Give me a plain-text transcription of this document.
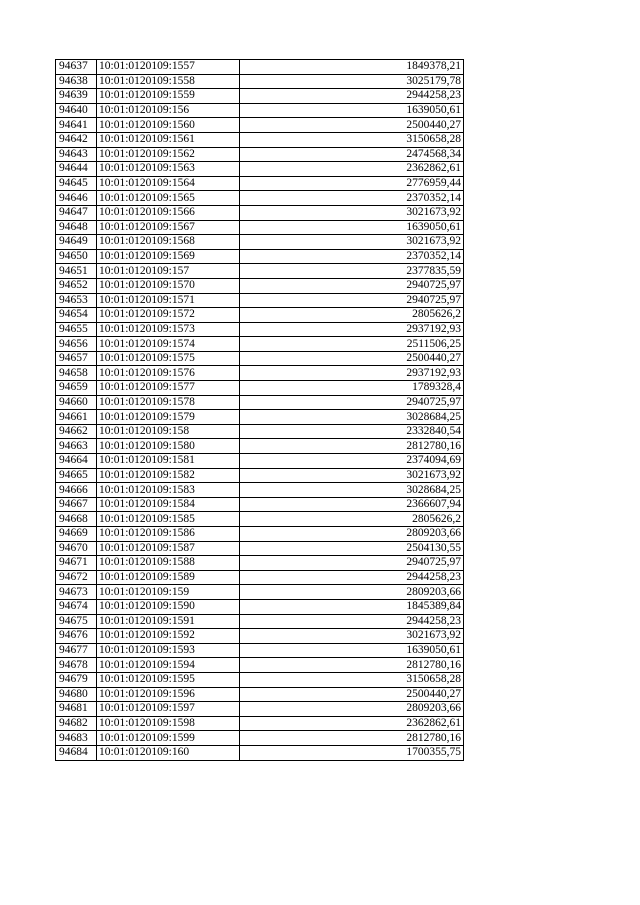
94637	10:01:0120109:1557	1849378,21
94638	10:01:0120109:1558	3025179,78
94639	10:01:0120109:1559	2944258,23
94640	10:01:0120109:156	1639050,61
94641	10:01:0120109:1560	2500440,27
94642	10:01:0120109:1561	3150658,28
94643	10:01:0120109:1562	2474568,34
94644	10:01:0120109:1563	2362862,61
94645	10:01:0120109:1564	2776959,44
94646	10:01:0120109:1565	2370352,14
94647	10:01:0120109:1566	3021673,92
94648	10:01:0120109:1567	1639050,61
94649	10:01:0120109:1568	3021673,92
94650	10:01:0120109:1569	2370352,14
94651	10:01:0120109:157	2377835,59
94652	10:01:0120109:1570	2940725,97
94653	10:01:0120109:1571	2940725,97
94654	10:01:0120109:1572	2805626,2
94655	10:01:0120109:1573	2937192,93
94656	10:01:0120109:1574	2511506,25
94657	10:01:0120109:1575	2500440,27
94658	10:01:0120109:1576	2937192,93
94659	10:01:0120109:1577	1789328,4
94660	10:01:0120109:1578	2940725,97
94661	10:01:0120109:1579	3028684,25
94662	10:01:0120109:158	2332840,54
94663	10:01:0120109:1580	2812780,16
94664	10:01:0120109:1581	2374094,69
94665	10:01:0120109:1582	3021673,92
94666	10:01:0120109:1583	3028684,25
94667	10:01:0120109:1584	2366607,94
94668	10:01:0120109:1585	2805626,2
94669	10:01:0120109:1586	2809203,66
94670	10:01:0120109:1587	2504130,55
94671	10:01:0120109:1588	2940725,97
94672	10:01:0120109:1589	2944258,23
94673	10:01:0120109:159	2809203,66
94674	10:01:0120109:1590	1845389,84
94675	10:01:0120109:1591	2944258,23
94676	10:01:0120109:1592	3021673,92
94677	10:01:0120109:1593	1639050,61
94678	10:01:0120109:1594	2812780,16
94679	10:01:0120109:1595	3150658,28
94680	10:01:0120109:1596	2500440,27
94681	10:01:0120109:1597	2809203,66
94682	10:01:0120109:1598	2362862,61
94683	10:01:0120109:1599	2812780,16
94684	10:01:0120109:160	1700355,75
